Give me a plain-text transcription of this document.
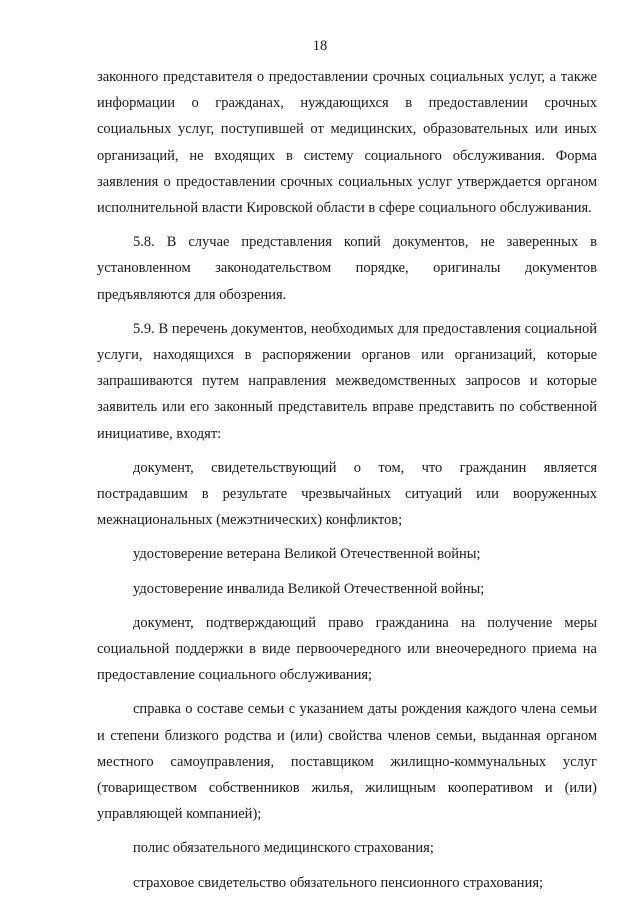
18

законного представителя о предоставлении срочных социальных услуг, а также информации о гражданах, нуждающихся в предоставлении срочных социальных услуг, поступившей от медицинских, образовательных или иных организаций, не входящих в систему социального обслуживания. Форма заявления о предоставлении срочных социальных услуг утверждается органом исполнительной власти Кировской области в сфере социального обслуживания.

5.8. В случае представления копий документов, не заверенных в установленном законодательством порядке, оригиналы документов предъявляются для обозрения.

5.9. В перечень документов, необходимых для предоставления социальной услуги, находящихся в распоряжении органов или организаций, которые запрашиваются путем направления межведомственных запросов и которые заявитель или его законный представитель вправе представить по собственной инициативе, входят:

документ, свидетельствующий о том, что гражданин является пострадавшим в результате чрезвычайных ситуаций или вооруженных межнациональных (межэтнических) конфликтов;

удостоверение ветерана Великой Отечественной войны;

удостоверение инвалида Великой Отечественной войны;

документ, подтверждающий право гражданина на получение меры социальной поддержки в виде первоочередного или внеочередного приема на предоставление социального обслуживания;

справка о составе семьи с указанием даты рождения каждого члена семьи и степени близкого родства и (или) свойства членов семьи, выданная органом местного самоуправления, поставщиком жилищно-коммунальных услуг (товариществом собственников жилья, жилищным кооперативом и (или) управляющей компанией);

полис обязательного медицинского страхования;

страховое свидетельство обязательного пенсионного страхования;
